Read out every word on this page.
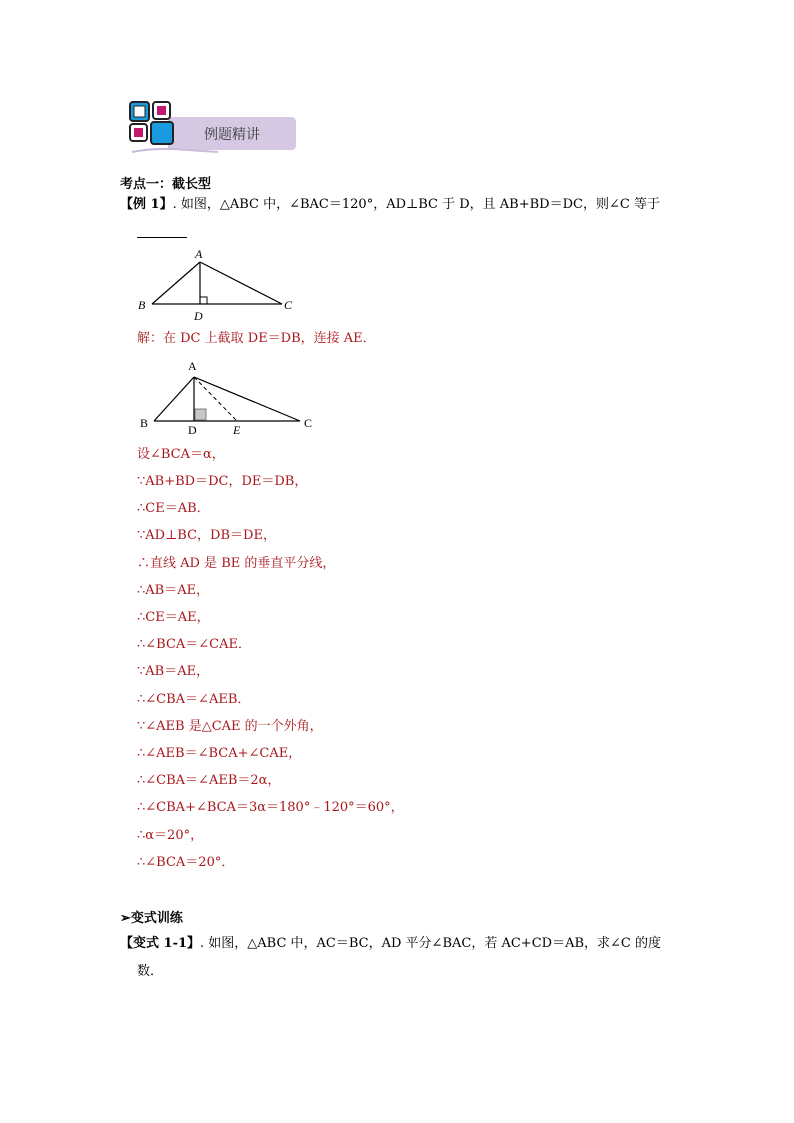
例题精讲
考点一：截长型
【例 1】. 如图，△ABC 中，∠BAC＝120°，AD⊥BC 于 D，且 AB+BD＝DC，则∠C 等于
A
B	C
D
解：在 DC 上截取 DE＝DB，连接 AE．
A
B	C
D	E
设∠BCA＝α，
∵AB+BD＝DC，DE＝DB，
∴CE＝AB．
∵AD⊥BC，DB＝DE，
∴直线 AD 是 BE 的垂直平分线，
∴AB＝AE，
∴CE＝AE，
∴∠BCA＝∠CAE．
∵AB＝AE，
∴∠CBA＝∠AEB．
∵∠AEB 是△CAE 的一个外角，
∴∠AEB＝∠BCA+∠CAE，
∴∠CBA＝∠AEB＝2α，
∴∠CBA+∠BCA＝3α＝180°﹣120°＝60°，
∴α＝20°，
∴∠BCA＝20°．
➢变式训练
【变式 1-1】. 如图，△ABC 中，AC＝BC，AD 平分∠BAC，若 AC+CD＝AB，求∠C 的度
数．
